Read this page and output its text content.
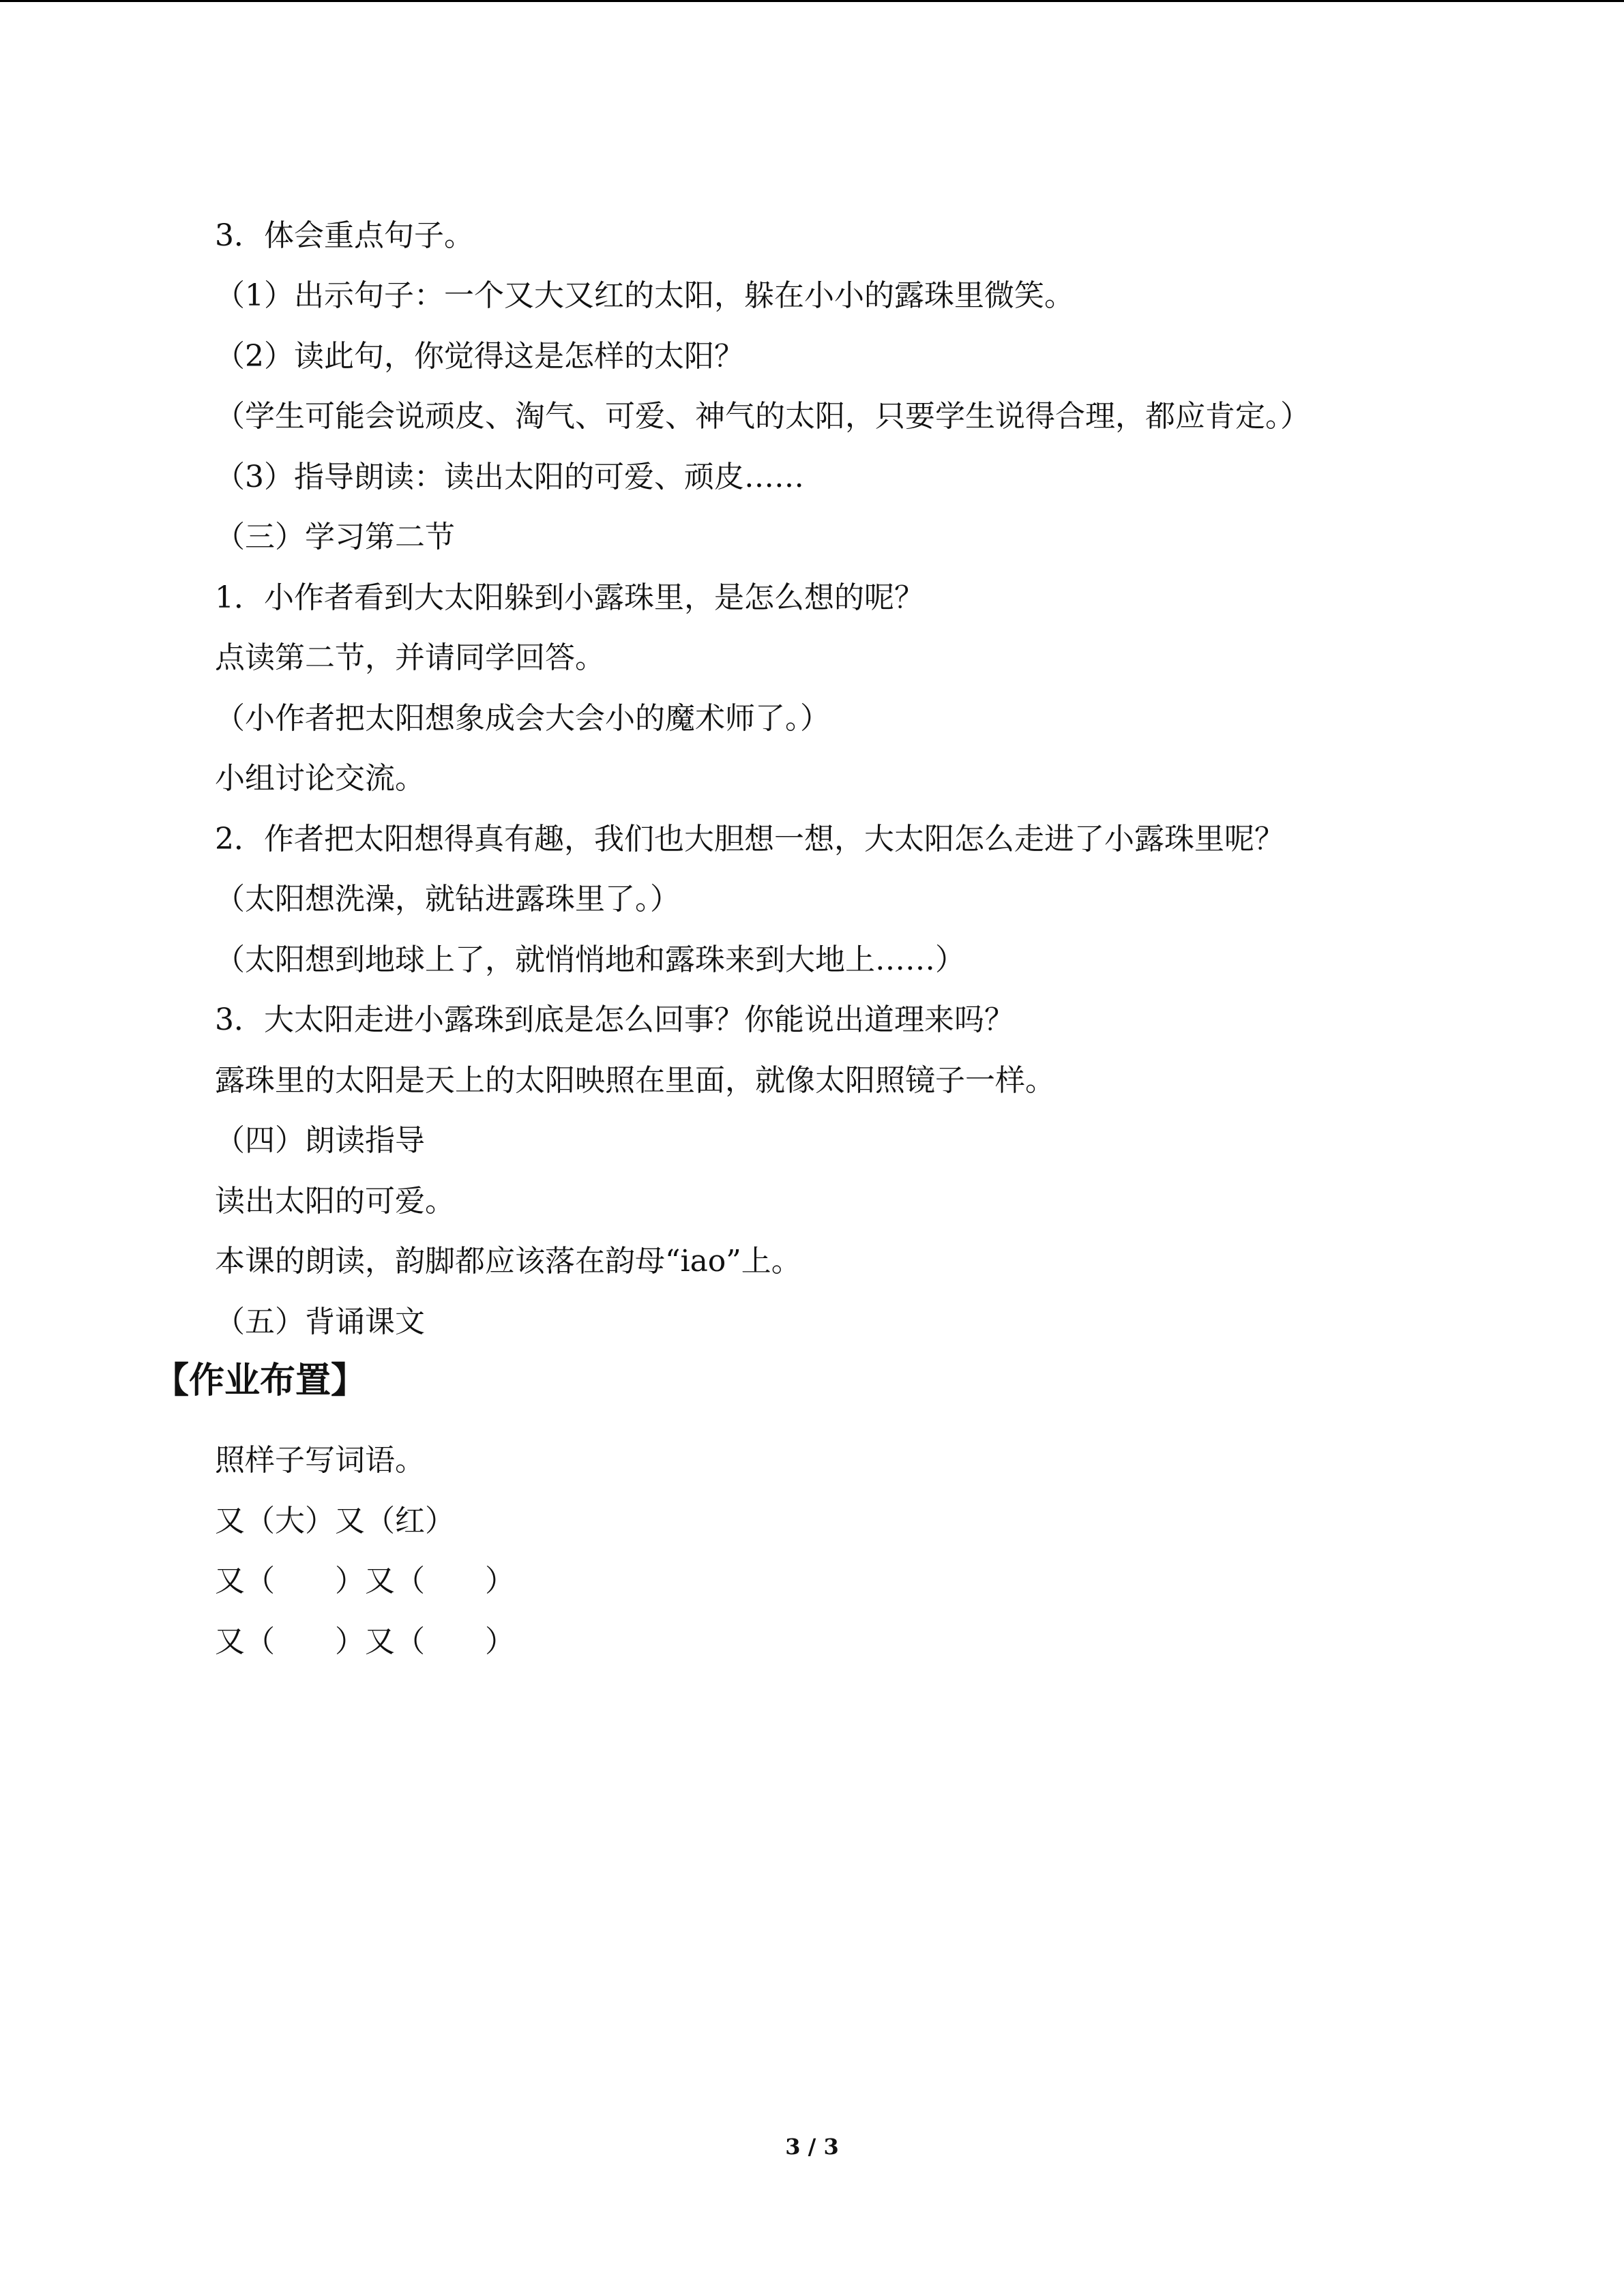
3．体会重点句子。
（1）出示句子：一个又大又红的太阳，躲在小小的露珠里微笑。
（2）读此句，你觉得这是怎样的太阳？
（学生可能会说顽皮、淘气、可爱、神气的太阳，只要学生说得合理，都应肯定。）
（3）指导朗读：读出太阳的可爱、顽皮……
（三）学习第二节
1．小作者看到大太阳躲到小露珠里，是怎么想的呢？
点读第二节，并请同学回答。
（小作者把太阳想象成会大会小的魔术师了。）
小组讨论交流。
2．作者把太阳想得真有趣，我们也大胆想一想，大太阳怎么走进了小露珠里呢？
（太阳想洗澡，就钻进露珠里了。）
（太阳想到地球上了，就悄悄地和露珠来到大地上……）
3．大太阳走进小露珠到底是怎么回事？你能说出道理来吗？
露珠里的太阳是天上的太阳映照在里面，就像太阳照镜子一样。
（四）朗读指导
读出太阳的可爱。
本课的朗读，韵脚都应该落在韵母“iao”上。
（五）背诵课文
【作业布置】
照样子写词语。
又（大）又（红）
又（　　）又（　　）
又（　　）又（　　）
3 / 3
